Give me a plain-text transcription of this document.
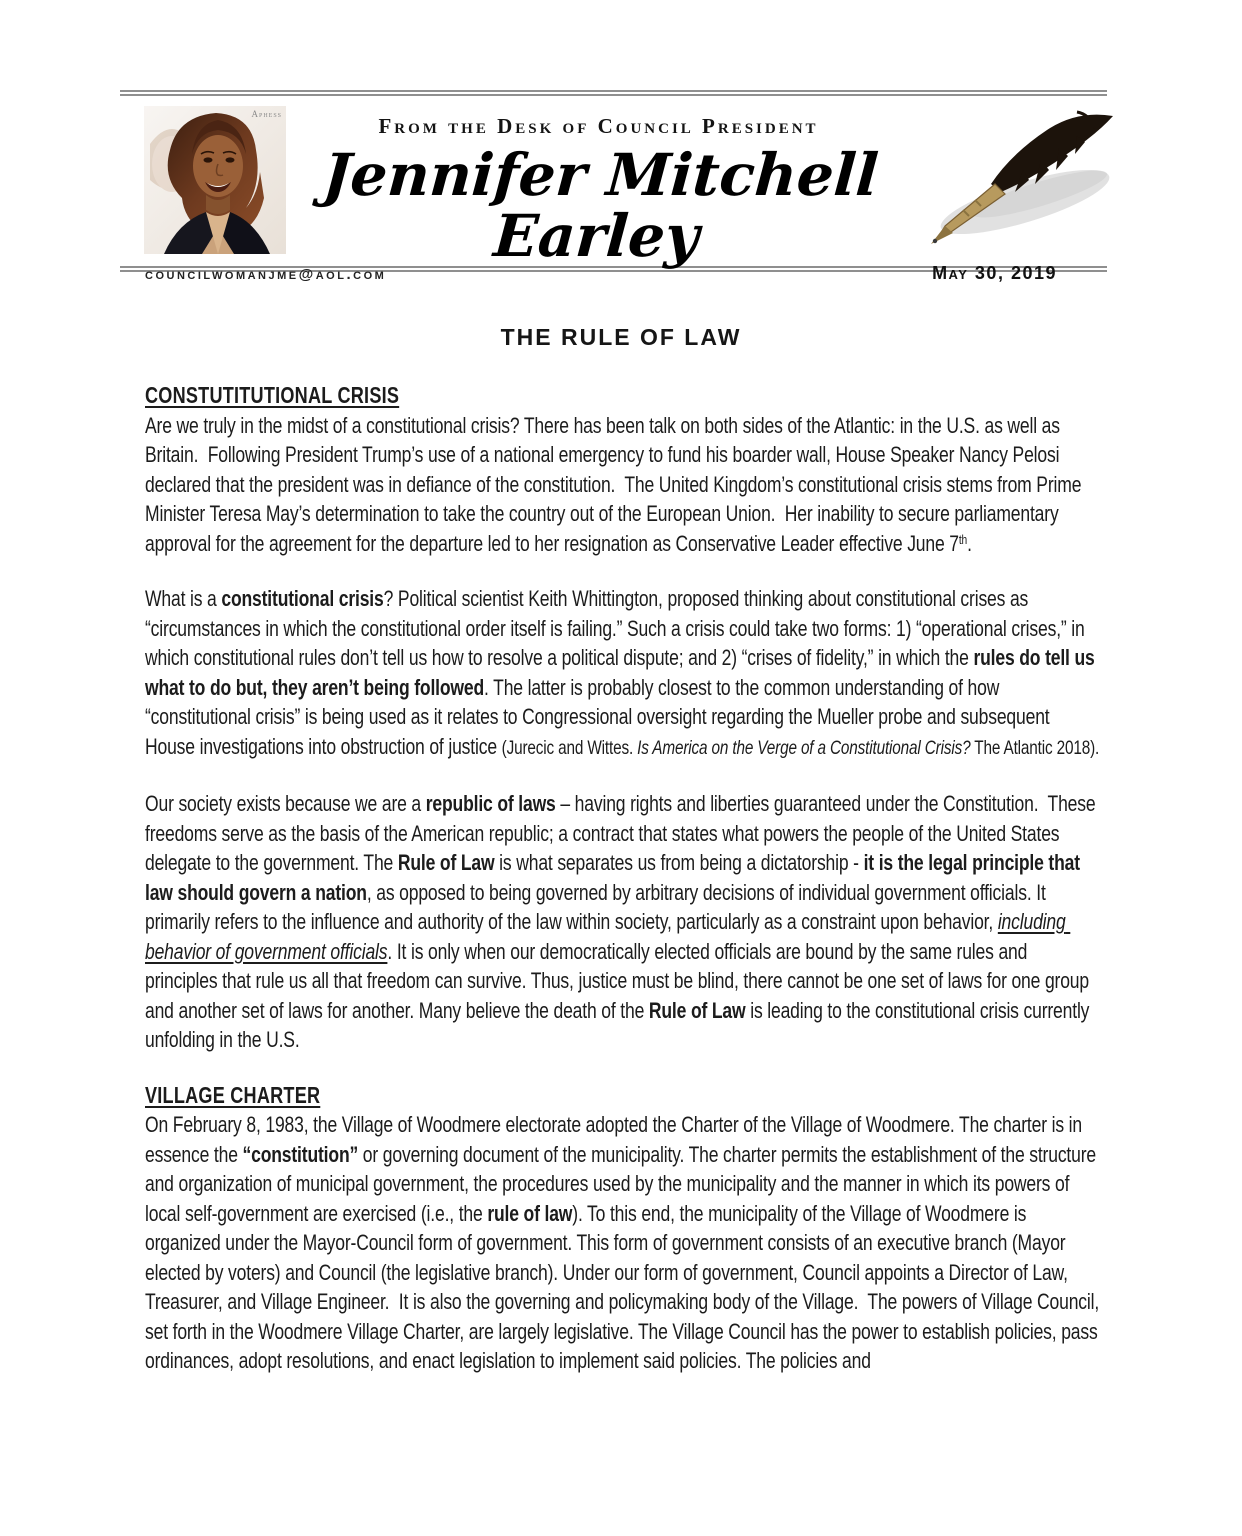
Aphess	From the Desk of Council President
Jennifer Mitchell Earley
councilwomanjme@aol.com	May 30, 2019
THE RULE OF LAW
CONSTUTITUTIONAL CRISIS

Are we truly in the midst of a constitutional crisis? There has been talk on both sides of the Atlantic: in the U.S. as well as Britain.  Following President Trump’s use of a national emergency to fund his boarder wall, House Speaker Nancy Pelosi declared that the president was in defiance of the constitution.  The United Kingdom’s constitutional crisis stems from Prime Minister Teresa May’s determination to take the country out of the European Union.  Her inability to secure parliamentary approval for the agreement for the departure led to her resignation as Conservative Leader effective June 7th.

What is a constitutional crisis? Political scientist Keith Whittington, proposed thinking about constitutional crises as “circumstances in which the constitutional order itself is failing.” Such a crisis could take two forms: 1) “operational crises,” in which constitutional rules don’t tell us how to resolve a political dispute; and 2) “crises of fidelity,” in which the rules do tell us what to do but, they aren’t being followed. The latter is probably closest to the common understanding of how “constitutional crisis” is being used as it relates to Congressional oversight regarding the Mueller probe and subsequent House investigations into obstruction of justice (Jurecic and Wittes. Is America on the Verge of a Constitutional Crisis? The Atlantic 2018).

Our society exists because we are a republic of laws – having rights and liberties guaranteed under the Constitution.  These freedoms serve as the basis of the American republic; a contract that states what powers the people of the United States delegate to the government. The Rule of Law is what separates us from being a dictatorship - it is the legal principle that law should govern a nation, as opposed to being governed by arbitrary decisions of individual government officials. It primarily refers to the influence and authority of the law within society, particularly as a constraint upon behavior, including behavior of government officials. It is only when our democratically elected officials are bound by the same rules and principles that rule us all that freedom can survive. Thus, justice must be blind, there cannot be one set of laws for one group and another set of laws for another. Many believe the death of the Rule of Law is leading to the constitutional crisis currently unfolding in the U.S.

VILLAGE CHARTER

On February 8, 1983, the Village of Woodmere electorate adopted the Charter of the Village of Woodmere. The charter is in essence the “constitution” or governing document of the municipality. The charter permits the establishment of the structure and organization of municipal government, the procedures used by the municipality and the manner in which its powers of local self-government are exercised (i.e., the rule of law). To this end, the municipality of the Village of Woodmere is organized under the Mayor-Council form of government. This form of government consists of an executive branch (Mayor elected by voters) and Council (the legislative branch). Under our form of government, Council appoints a Director of Law, Treasurer, and Village Engineer.  It is also the governing and policymaking body of the Village.  The powers of Village Council, set forth in the Woodmere Village Charter, are largely legislative. The Village Council has the power to establish policies, pass ordinances, adopt resolutions, and enact legislation to implement said policies. The policies and
